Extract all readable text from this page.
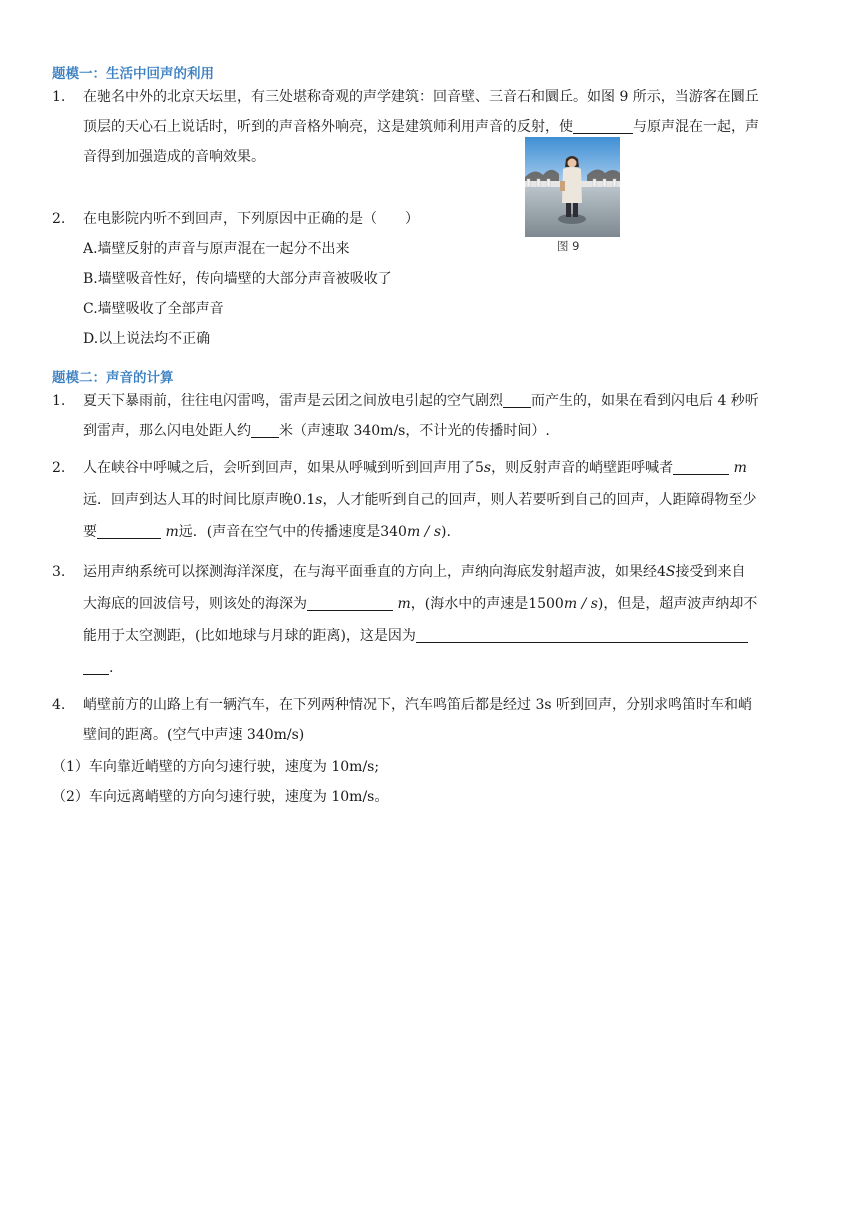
题模一：生活中回声的利用
1.	在驰名中外的北京天坛里，有三处堪称奇观的声学建筑：回音壁、三音石和圜丘。如图 9 所示，当游客在圜丘
顶层的天心石上说话时，听到的声音格外响亮，这是建筑师利用声音的反射，使	与原声混在一起，声
音得到加强造成的音响效果。
图 9
2.	在电影院内听不到回声，下列原因中正确的是（　　）
A.墙壁反射的声音与原声混在一起分不出来
B.墙壁吸音性好，传向墙壁的大部分声音被吸收了
C.墙壁吸收了全部声音
D.以上说法均不正确
题模二：声音的计算
1.	夏天下暴雨前，往往电闪雷鸣，雷声是云团之间放电引起的空气剧烈 而产生的，如果在看到闪电后 4 秒听
到雷声，那么闪电处距人约 米（声速取 340m/s，不计光的传播时间）.
2.	人在峡谷中呼喊之后，会听到回声，如果从呼喊到听到回声用了5s，则反射声音的峭壁距呼喊者	m
远．回声到达人耳的时间比原声晚0.1s，人才能听到自己的回声，则人若要听到自己的回声，人距障碍物至少
要	m远．(声音在空气中的传播速度是340m / s).
3.	运用声纳系统可以探测海洋深度，在与海平面垂直的方向上，声纳向海底发射超声波，如果经4S接受到来自
大海底的回波信号，则该处的海深为	m，(海水中的声速是1500m / s)，但是，超声波声纳却不
能用于太空测距，(比如地球与月球的距离)，这是因为
.
4.	峭壁前方的山路上有一辆汽车，在下列两种情况下，汽车鸣笛后都是经过 3s 听到回声，分别求鸣笛时车和峭
壁间的距离。(空气中声速 340m/s)
（1）车向靠近峭壁的方向匀速行驶，速度为 10m/s;
（2）车向远离峭壁的方向匀速行驶，速度为 10m/s。
